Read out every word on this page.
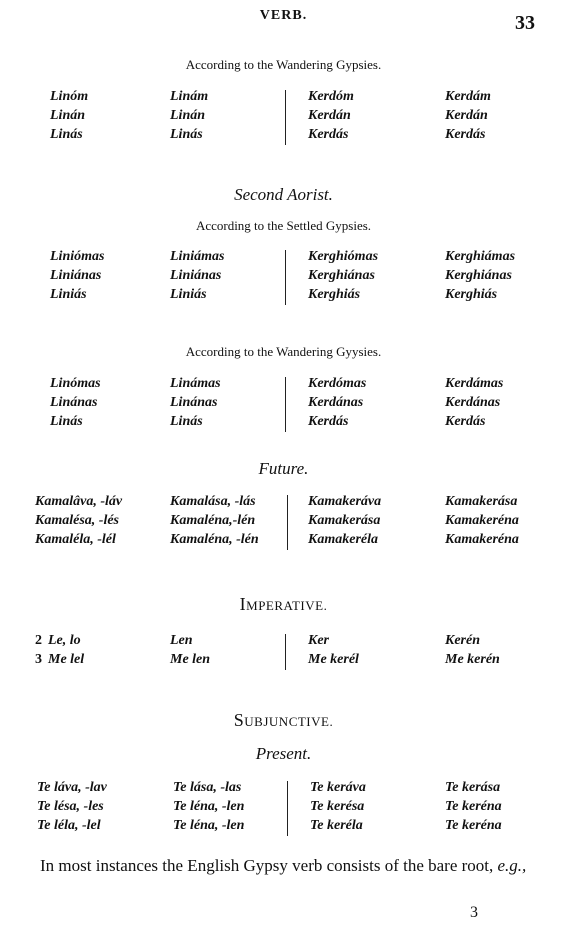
VERB.	33
According to the Wandering Gypsies.
Linóm	Linám	Kerdóm	Kerdám
Linán	Linán	Kerdán	Kerdán
Linás	Linás	Kerdás	Kerdás
Second Aorist.
According to the Settled Gypsies.
Liniómas	Liniámas	Kerghiómas	Kerghiámas
Liniánas	Liniánas	Kerghiánas	Kerghiánas
Liniás	Liniás	Kerghiás	Kerghiás
According to the Wandering Gyysies.
Linómas	Linámas	Kerdómas	Kerdámas
Linánas	Linánas	Kerdánas	Kerdánas
Linás	Linás	Kerdás	Kerdás
Future.
Kamalâva, -láv	Kamalása, -lás	Kamakeráva	Kamakerása
Kamalésa, -lés	Kamaléna,-lén	Kamakerása	Kamakeréna
Kamaléla, -lél	Kamaléna, -lén	Kamakeréla	Kamakeréna
IMPERATIVE.
2 Le, lo	Len	Ker	Kerén
3 Me lel	Me len	Me kerél	Me kerén
SUBJUNCTIVE.
Present.
Te láva, -lav	Te lása, -las	Te keráva	Te kerása
Te lésa, -les	Te léna, -len	Te kerésa	Te keréna
Te léla, -lel	Te léna, -len	Te keréla	Te keréna
In most instances the English Gypsy verb consists of the bare root, e.g.,
3
